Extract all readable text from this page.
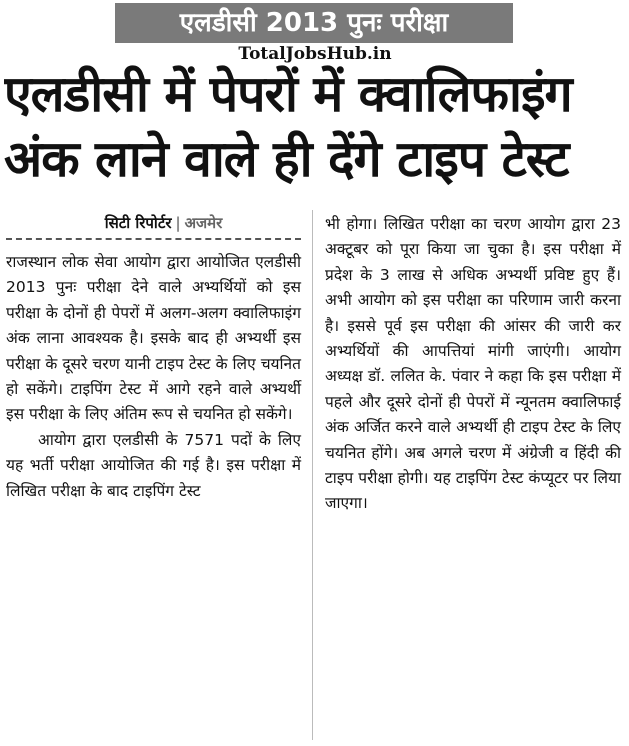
एलडीसी 2013 पुनः परीक्षा
TotalJobsHub.in
एलडीसी में पेपरों में क्वालिफाइंग
अंक लाने वाले ही देंगे टाइप टेस्ट
सिटी रिपोर्टर | अजमेर

राजस्थान लोक सेवा आयोग द्वारा आयोजित एलडीसी 2013 पुनः परीक्षा देने वाले अभ्यर्थियों को इस परीक्षा के दोनों ही पेपरों में अलग-अलग क्वालिफाइंग अंक लाना आवश्यक है। इसके बाद ही अभ्यर्थी इस परीक्षा के दूसरे चरण यानी टाइप टेस्ट के लिए चयनित हो सकेंगे। टाइपिंग टेस्ट में आगे रहने वाले अभ्यर्थी इस परीक्षा के लिए अंतिम रूप से चयनित हो सकेंगे।

आयोग द्वारा एलडीसी के 7571 पदों के लिए यह भर्ती परीक्षा आयोजित की गई है। इस परीक्षा में लिखित परीक्षा के बाद टाइपिंग टेस्ट

भी होगा। लिखित परीक्षा का चरण आयोग द्वारा 23 अक्टूबर को पूरा किया जा चुका है। इस परीक्षा में प्रदेश के 3 लाख से अधिक अभ्यर्थी प्रविष्ट हुए हैं। अभी आयोग को इस परीक्षा का परिणाम जारी करना है। इससे पूर्व इस परीक्षा की आंसर की जारी कर अभ्यर्थियों की आपत्तियां मांगी जाएंगी। आयोग अध्यक्ष डॉ. ललित के. पंवार ने कहा कि इस परीक्षा में पहले और दूसरे दोनों ही पेपरों में न्यूनतम क्वालिफाई अंक अर्जित करने वाले अभ्यर्थी ही टाइप टेस्ट के लिए चयनित होंगे। अब अगले चरण में अंग्रेजी व हिंदी की टाइप परीक्षा होगी। यह टाइपिंग टेस्ट कंप्यूटर पर लिया जाएगा।
